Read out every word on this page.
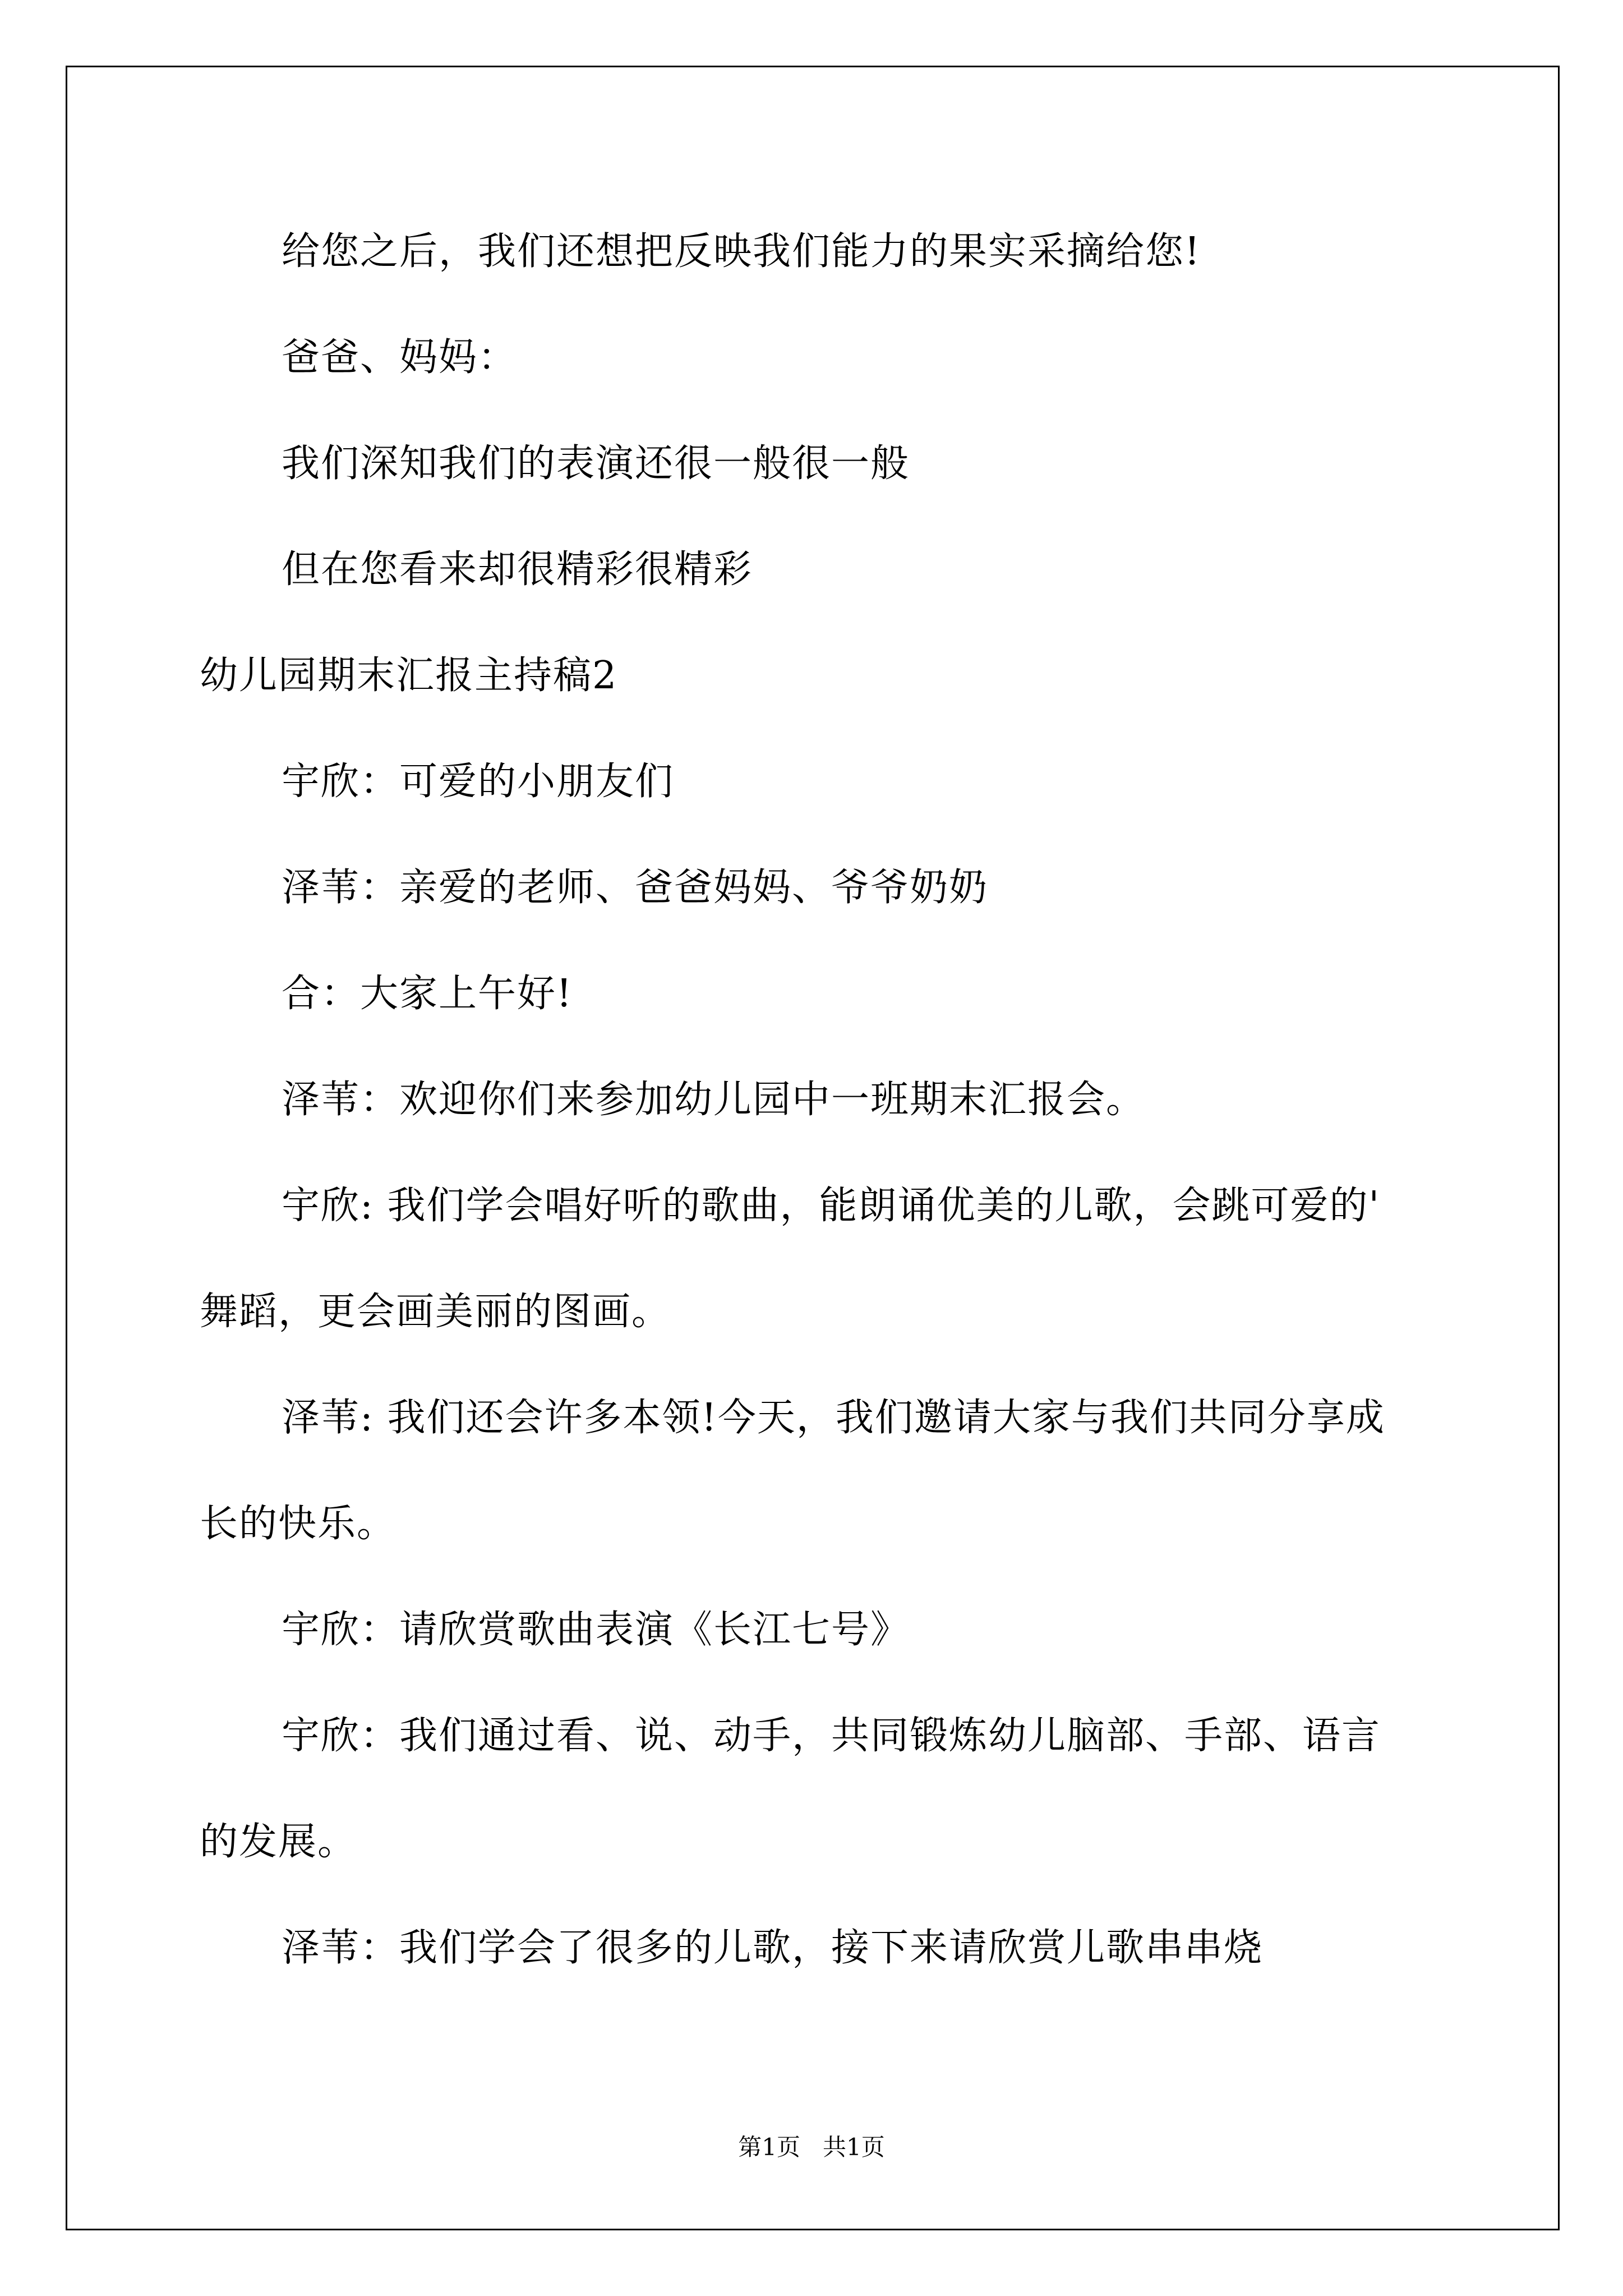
给您之后，我们还想把反映我们能力的果实采摘给您!

爸爸、妈妈：

我们深知我们的表演还很一般很一般

但在您看来却很精彩很精彩

幼儿园期末汇报主持稿2

宇欣：可爱的小朋友们

泽苇：亲爱的老师、爸爸妈妈、爷爷奶奶

合：大家上午好!

泽苇：欢迎你们来参加幼儿园中一班期末汇报会。

宇欣: 我们学会唱好听的歌曲，能朗诵优美的儿歌，会跳可爱的'

舞蹈，更会画美丽的图画。

泽苇: 我们还会许多本领!今天，我们邀请大家与我们共同分享成

长的快乐。

宇欣：请欣赏歌曲表演《长江七号》

宇欣：我们通过看、说、动手，共同锻炼幼儿脑部、手部、语言

的发展。

泽苇：我们学会了很多的儿歌，接下来请欣赏儿歌串串烧

第1页   共1页
